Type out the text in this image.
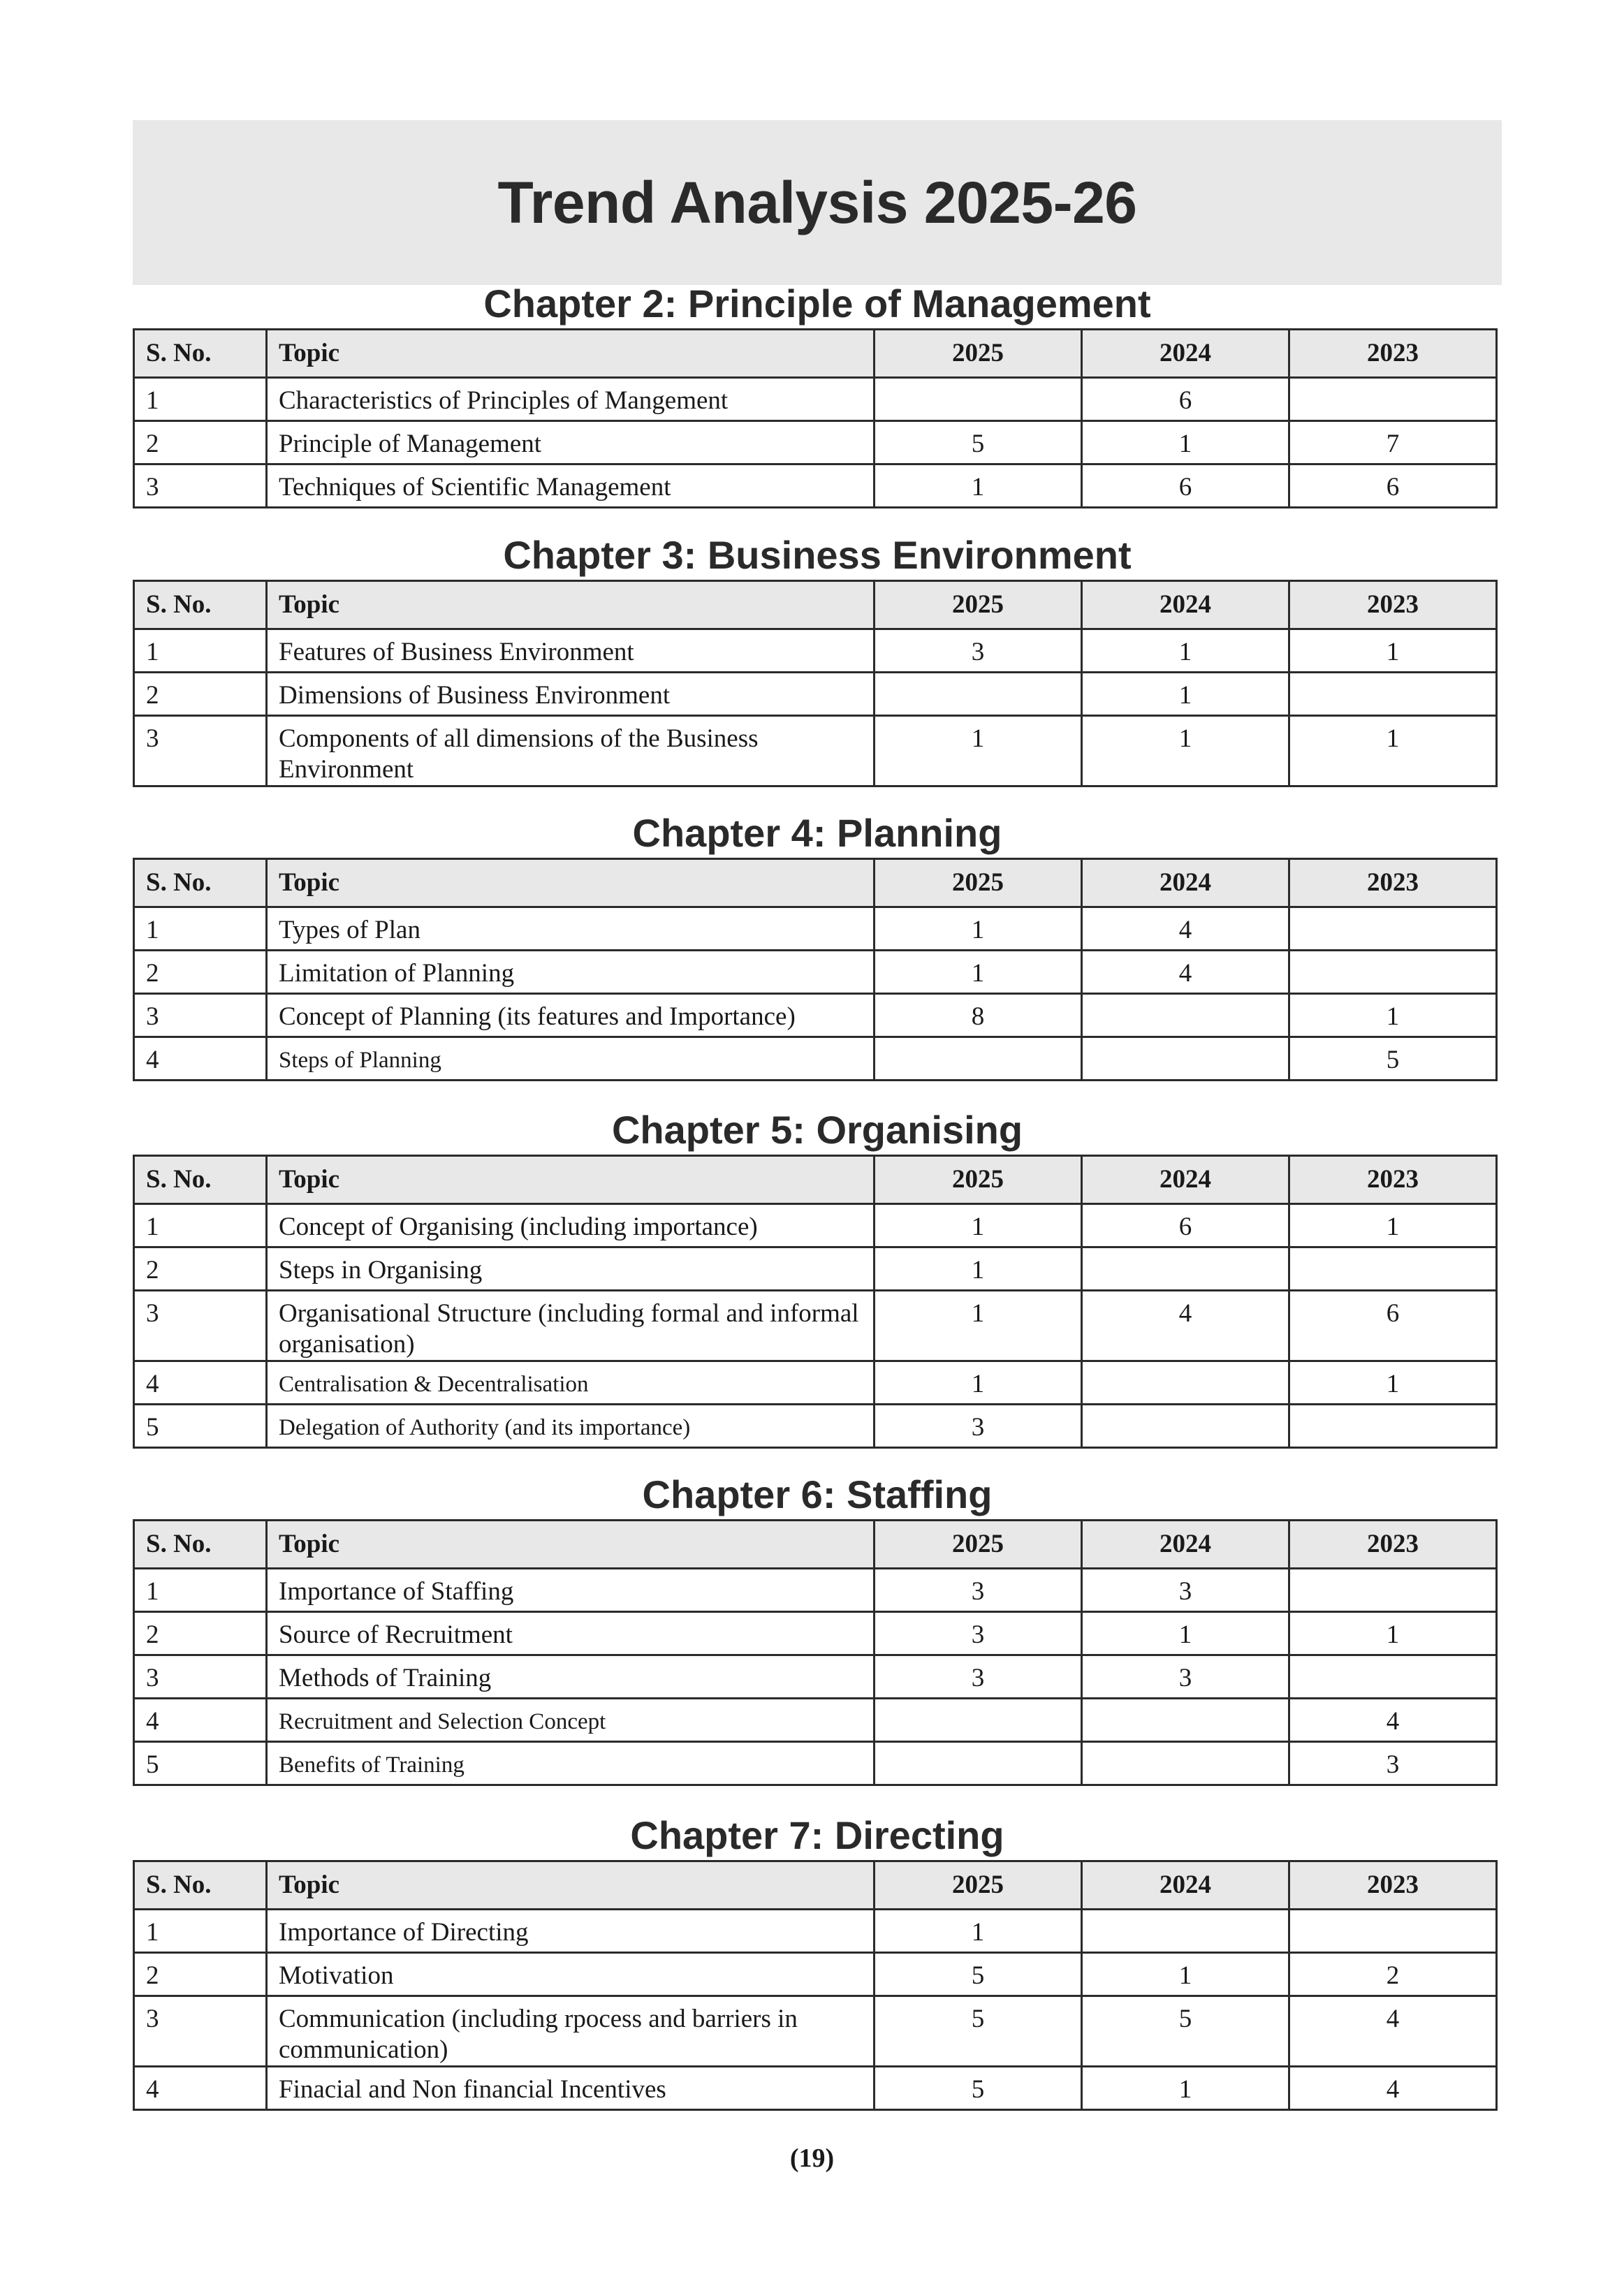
Trend Analysis 2025-26
Chapter 2: Principle of Management
S. No.	Topic	2025	2024	2023
1	Characteristics of Principles of Mangement		6	
2	Principle of Management	5	1	7
3	Techniques of Scientific Management	1	6	6
Chapter 3: Business Environment
S. No.	Topic	2025	2024	2023
1	Features of Business Environment	3	1	1
2	Dimensions of Business Environment		1	
3	Components of all dimensions of the Business Environment	1	1	1
Chapter 4: Planning
S. No.	Topic	2025	2024	2023
1	Types of Plan	1	4	
2	Limitation of Planning	1	4	
3	Concept of Planning (its features and Importance)	8		1
4	Steps of Planning			5
Chapter 5: Organising
S. No.	Topic	2025	2024	2023
1	Concept of Organising (including importance)	1	6	1
2	Steps in Organising	1		
3	Organisational Structure (including formal and informal organisation)	1	4	6
4	Centralisation & Decentralisation	1		1
5	Delegation of Authority (and its importance)	3		
Chapter 6: Staffing
S. No.	Topic	2025	2024	2023
1	Importance of Staffing	3	3	
2	Source of Recruitment	3	1	1
3	Methods of Training	3	3	
4	Recruitment and Selection Concept			4
5	Benefits of Training			3
Chapter 7: Directing
S. No.	Topic	2025	2024	2023
1	Importance of Directing	1		
2	Motivation	5	1	2
3	Communication (including rpocess and barriers in communication)	5	5	4
4	Finacial and Non financial Incentives	5	1	4
(19)
